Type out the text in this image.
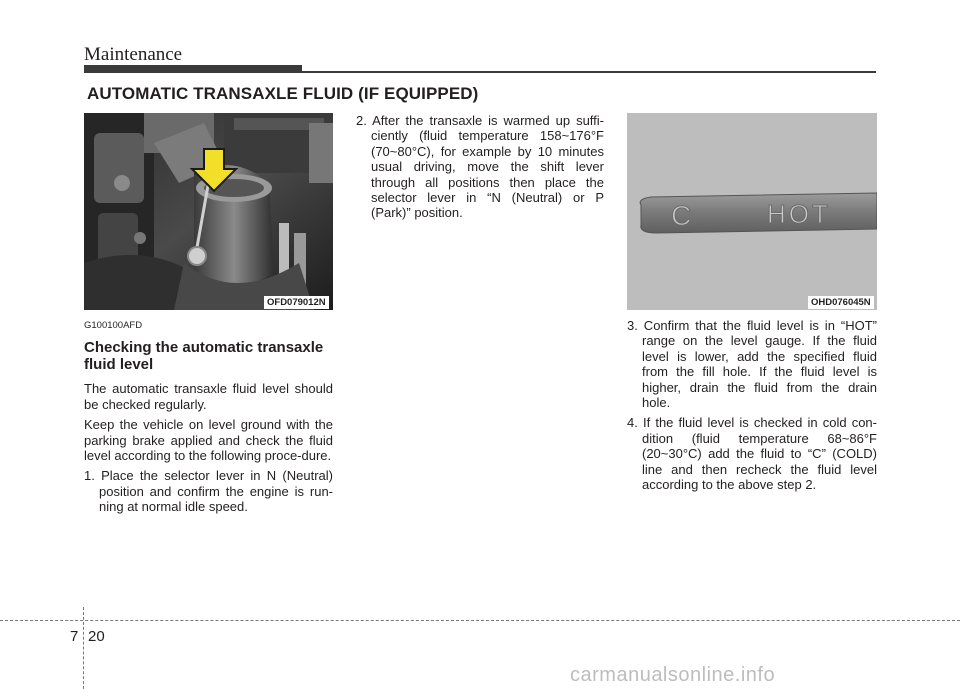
Maintenance
AUTOMATIC TRANSAXLE FLUID (IF EQUIPPED)
OFD079012N
C	HOT
OHD076045N
G100100AFD
Checking the automatic transaxle fluid level
The automatic transaxle fluid level should be checked regularly.
Keep the vehicle on level ground with the parking brake applied and check the fluid level according to the following proce-dure.
1. Place the selector lever in N (Neutral) position and confirm the engine is run-ning at normal idle speed.
2. After the transaxle is warmed up suffi-ciently (fluid temperature 158~176°F (70~80°C), for example by 10 minutes usual driving, move the shift lever through all positions then place the selector lever in “N (Neutral) or P (Park)” position.
3. Confirm that the fluid level is in “HOT” range on the level gauge. If the fluid level is lower, add the specified fluid from the fill hole. If the fluid level is higher, drain the fluid from the drain hole.
4. If the fluid level is checked in cold con-dition (fluid temperature 68~86°F (20~30°C) add the fluid to “C” (COLD) line and then recheck the fluid level according to the above step 2.
7 20
carmanualsonline.info
